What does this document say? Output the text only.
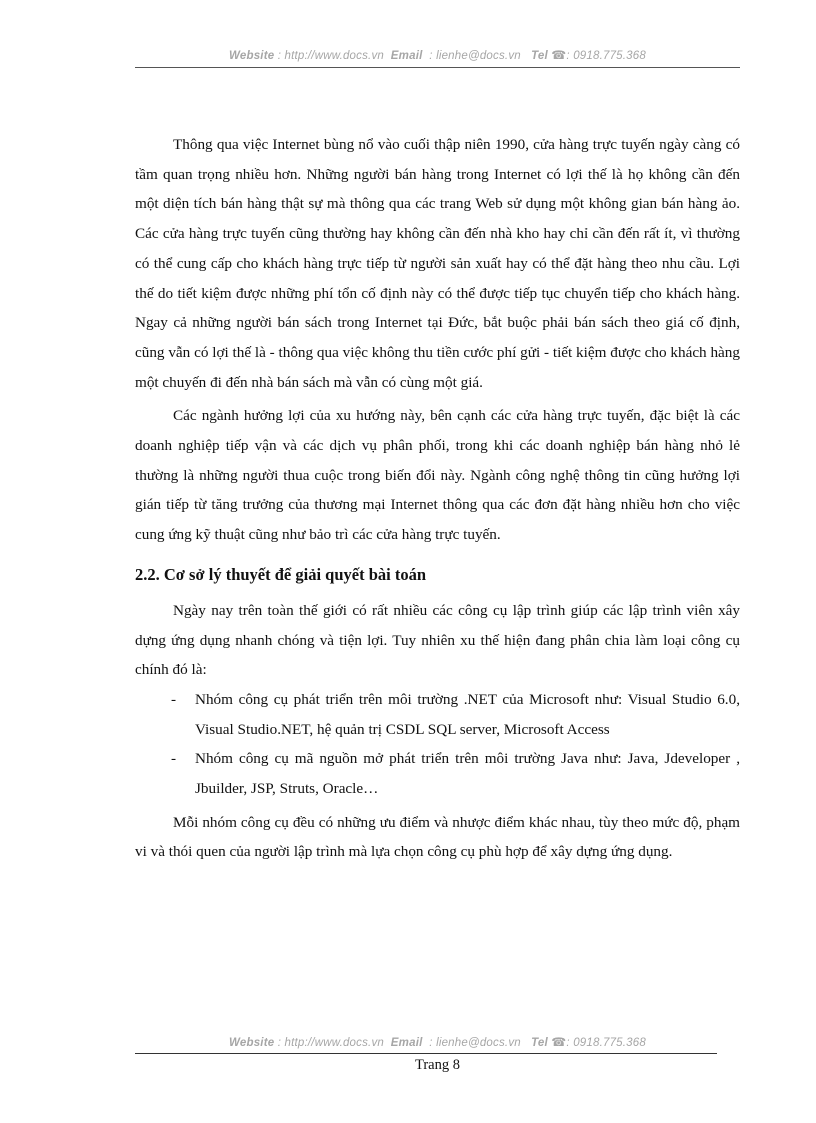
Website : http://www.docs.vn Email : lienhe@docs.vn Tel ☎: 0918.775.368

Thông qua việc Internet bùng nổ vào cuối thập niên 1990, cửa hàng trực tuyến ngày càng có tầm quan trọng nhiều hơn. Những người bán hàng trong Internet có lợi thế là họ không cần đến một diện tích bán hàng thật sự mà thông qua các trang Web sử dụng một không gian bán hàng ảo. Các cửa hàng trực tuyến cũng thường hay không cần đến nhà kho hay chỉ cần đến rất ít, vì thường có thể cung cấp cho khách hàng trực tiếp từ người sản xuất hay có thể đặt hàng theo nhu cầu. Lợi thế do tiết kiệm được những phí tổn cố định này có thể được tiếp tục chuyển tiếp cho khách hàng. Ngay cả những người bán sách trong Internet tại Đức, bắt buộc phải bán sách theo giá cố định, cũng vẫn có lợi thế là - thông qua việc không thu tiền cước phí gửi - tiết kiệm được cho khách hàng một chuyến đi đến nhà bán sách mà vẫn có cùng một giá.

Các ngành hưởng lợi của xu hướng này, bên cạnh các cửa hàng trực tuyến, đặc biệt là các doanh nghiệp tiếp vận và các dịch vụ phân phối, trong khi các doanh nghiệp bán hàng nhỏ lẻ thường là những người thua cuộc trong biến đổi này. Ngành công nghệ thông tin cũng hưởng lợi gián tiếp từ tăng trưởng của thương mại Internet thông qua các đơn đặt hàng nhiều hơn cho việc cung ứng kỹ thuật cũng như bảo trì các cửa hàng trực tuyến.

2.2. Cơ sở lý thuyết để giải quyết bài toán

Ngày nay trên toàn thế giới có rất nhiều các công cụ lập trình giúp các lập trình viên xây dựng ứng dụng nhanh chóng và tiện lợi. Tuy nhiên xu thế hiện đang phân chia làm loại công cụ chính đó là:

- Nhóm công cụ phát triển trên môi trường .NET của Microsoft như: Visual Studio 6.0, Visual Studio.NET, hệ quản trị CSDL SQL server, Microsoft Access
- Nhóm công cụ mã nguồn mở phát triển trên môi trường Java như: Java, Jdeveloper , Jbuilder, JSP, Struts, Oracle…

Mỗi nhóm công cụ đều có những ưu điểm và nhược điểm khác nhau, tùy theo mức độ, phạm vi và thói quen của người lập trình mà lựa chọn công cụ phù hợp để xây dựng ứng dụng.

Website : http://www.docs.vn Email : lienhe@docs.vn Tel ☎: 0918.775.368
Trang 8
